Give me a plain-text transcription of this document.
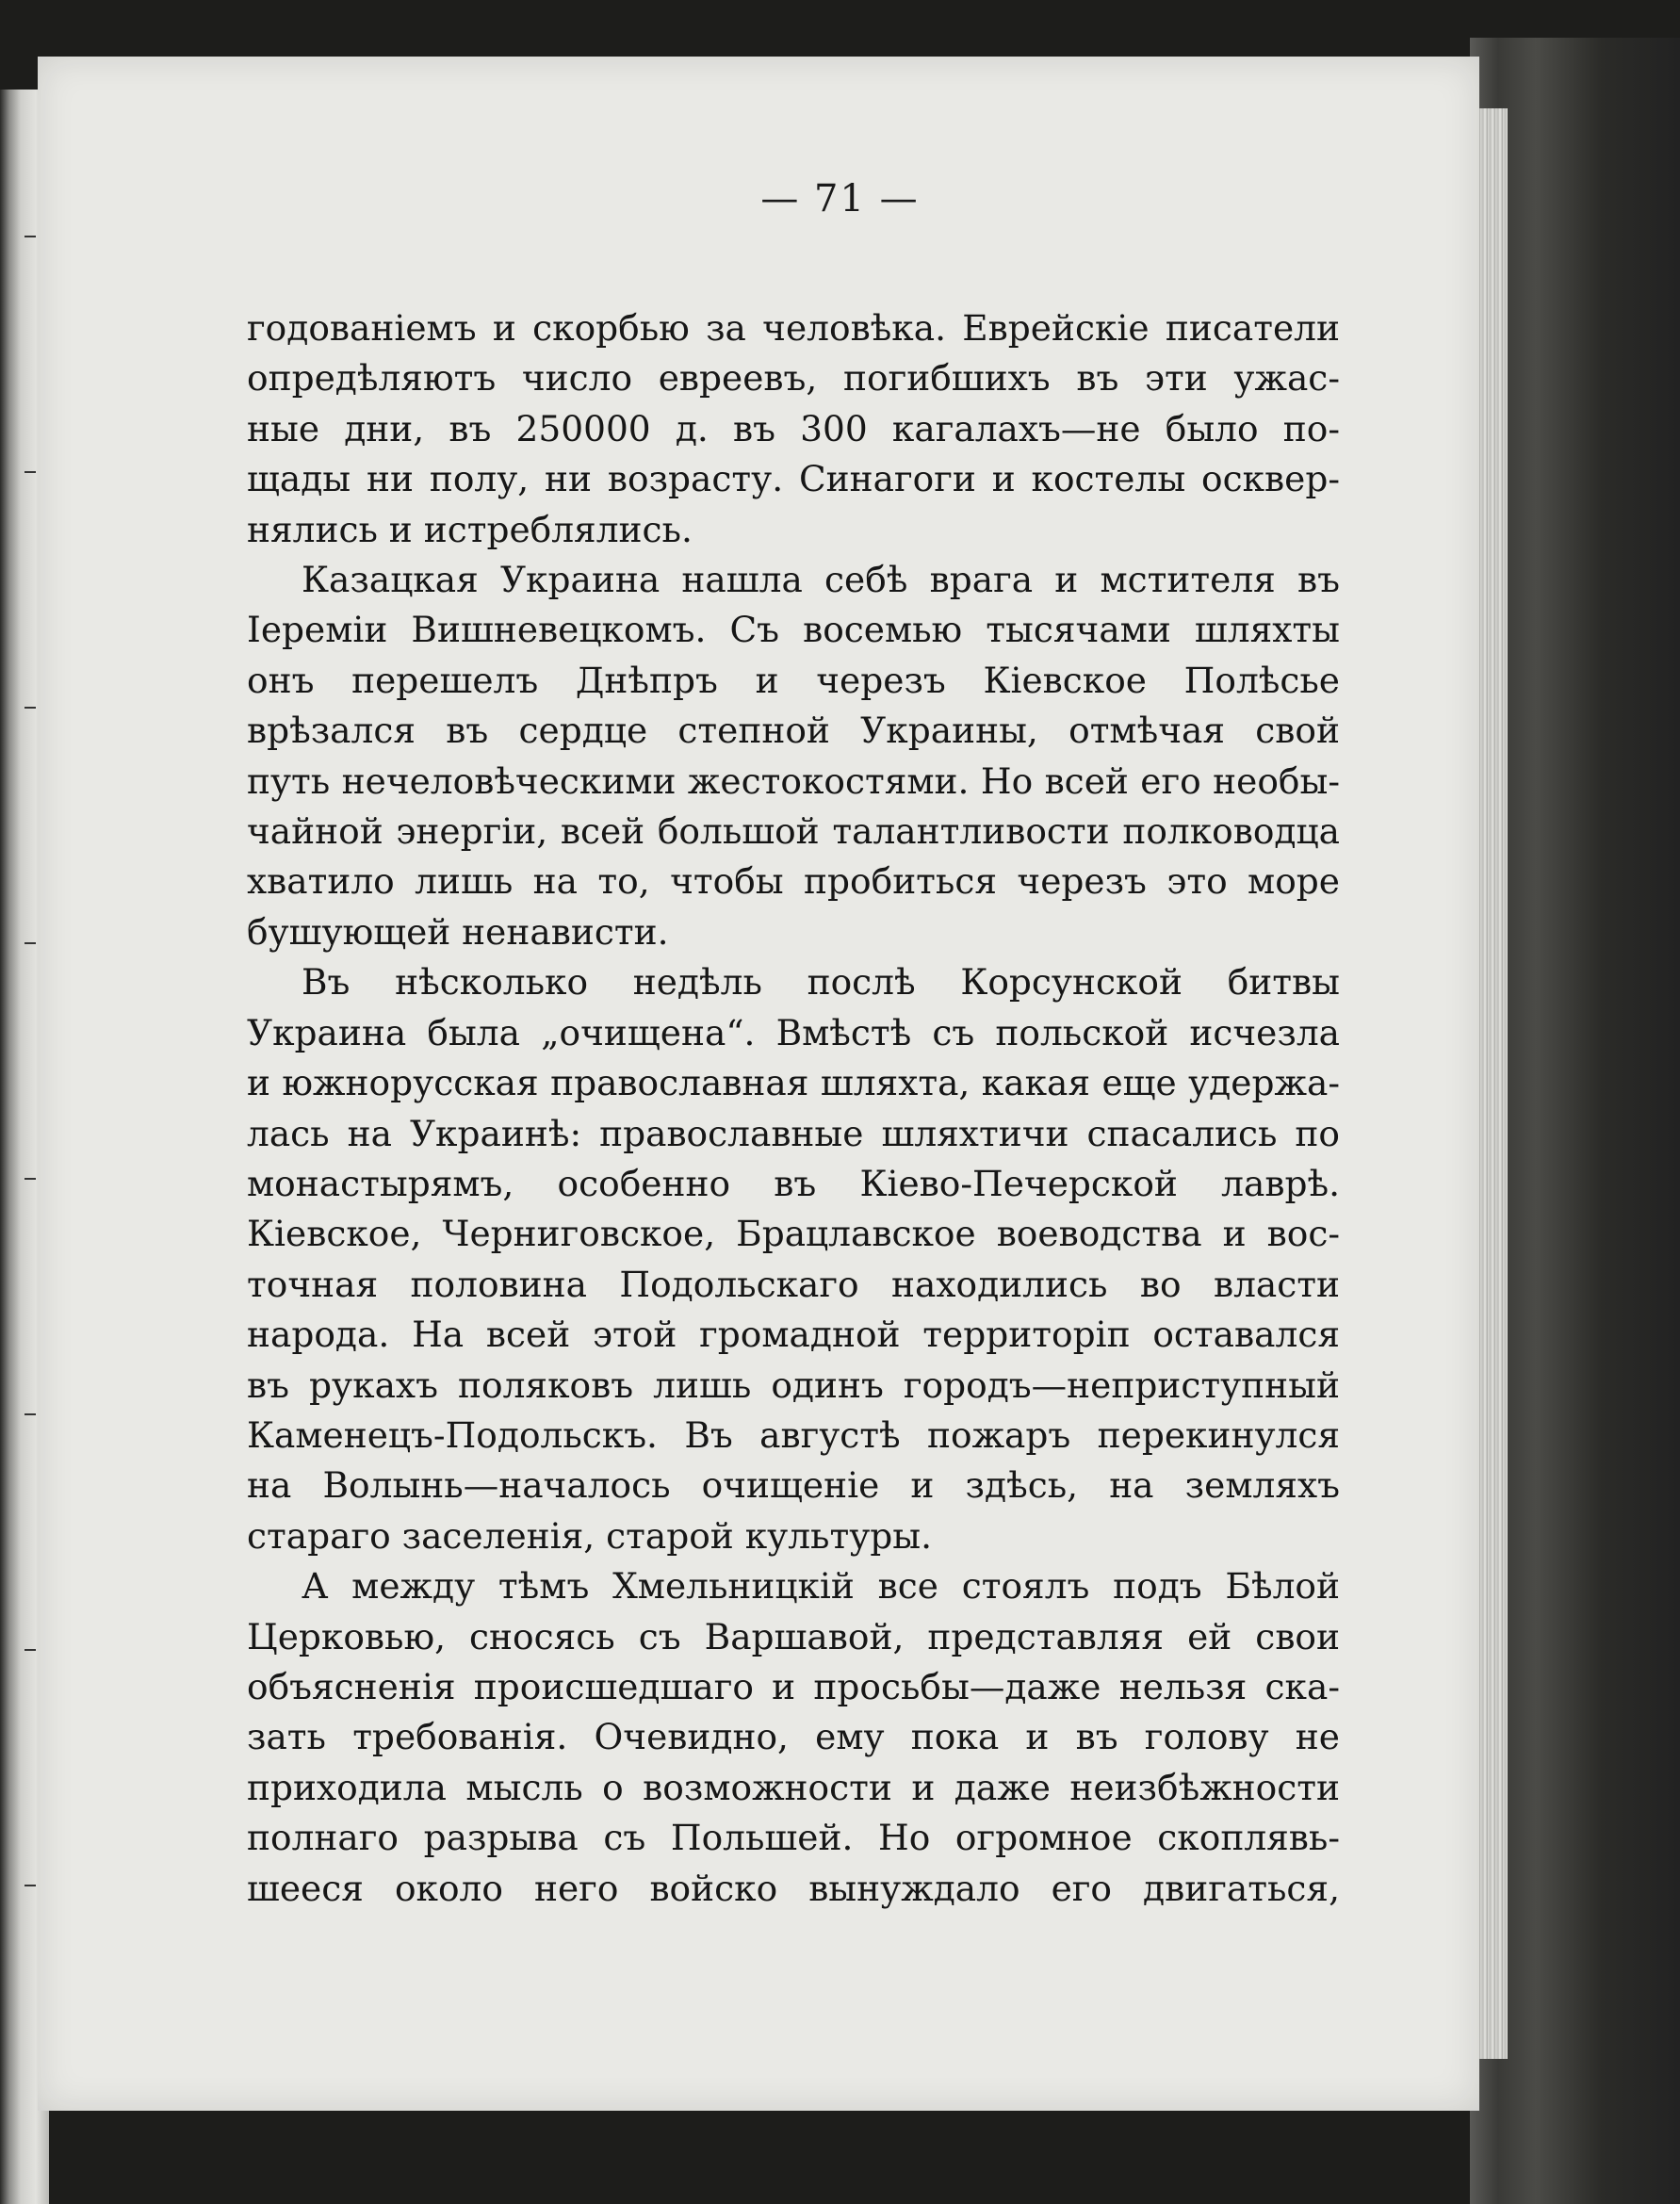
— 71 —
годованіемъ и скорбью за человѣка. Еврейскіе писатели
опредѣляютъ число евреевъ, погибшихъ въ эти ужас-
ные дни, въ 250000 д. въ 300 кагалахъ—не было по-
щады ни полу, ни возрасту. Синагоги и костелы осквер-
нялись и истреблялись.
Казацкая Украина нашла себѣ врага и мстителя въ
Іереміи Вишневецкомъ. Съ восемью тысячами шляхты
онъ перешелъ Днѣпръ и черезъ Кіевское Полѣсье
врѣзался въ сердце степной Украины, отмѣчая свой
путь нечеловѣческими жестокостями. Но всей его необы-
чайной энергіи, всей большой талантливости полководца
хватило лишь на то, чтобы пробиться черезъ это море
бушующей ненависти.
Въ нѣсколько недѣль послѣ Корсунской битвы
Украина была „очищена“. Вмѣстѣ съ польской исчезла
и южнорусская православная шляхта, какая еще удержа-
лась на Украинѣ: православные шляхтичи спасались по
монастырямъ, особенно въ Кіево-Печерской лаврѣ.
Кіевское, Черниговское, Брацлавское воеводства и вос-
точная половина Подольскаго находились во власти
народа. На всей этой громадной территоріп оставался
въ рукахъ поляковъ лишь одинъ городъ—неприступный
Каменецъ-Подольскъ. Въ августѣ пожаръ перекинулся
на Волынь—началось очищеніе и здѣсь, на земляхъ
стараго заселенія, старой культуры.
А между тѣмъ Хмельницкій все стоялъ подъ Бѣлой
Церковью, сносясь съ Варшавой, представляя ей свои
объясненія происшедшаго и просьбы—даже нельзя ска-
зать требованія. Очевидно, ему пока и въ голову не
приходила мысль о возможности и даже неизбѣжности
полнаго разрыва съ Польшей. Но огромное скоплявь-
шееся около него войско вынуждало его двигаться,
